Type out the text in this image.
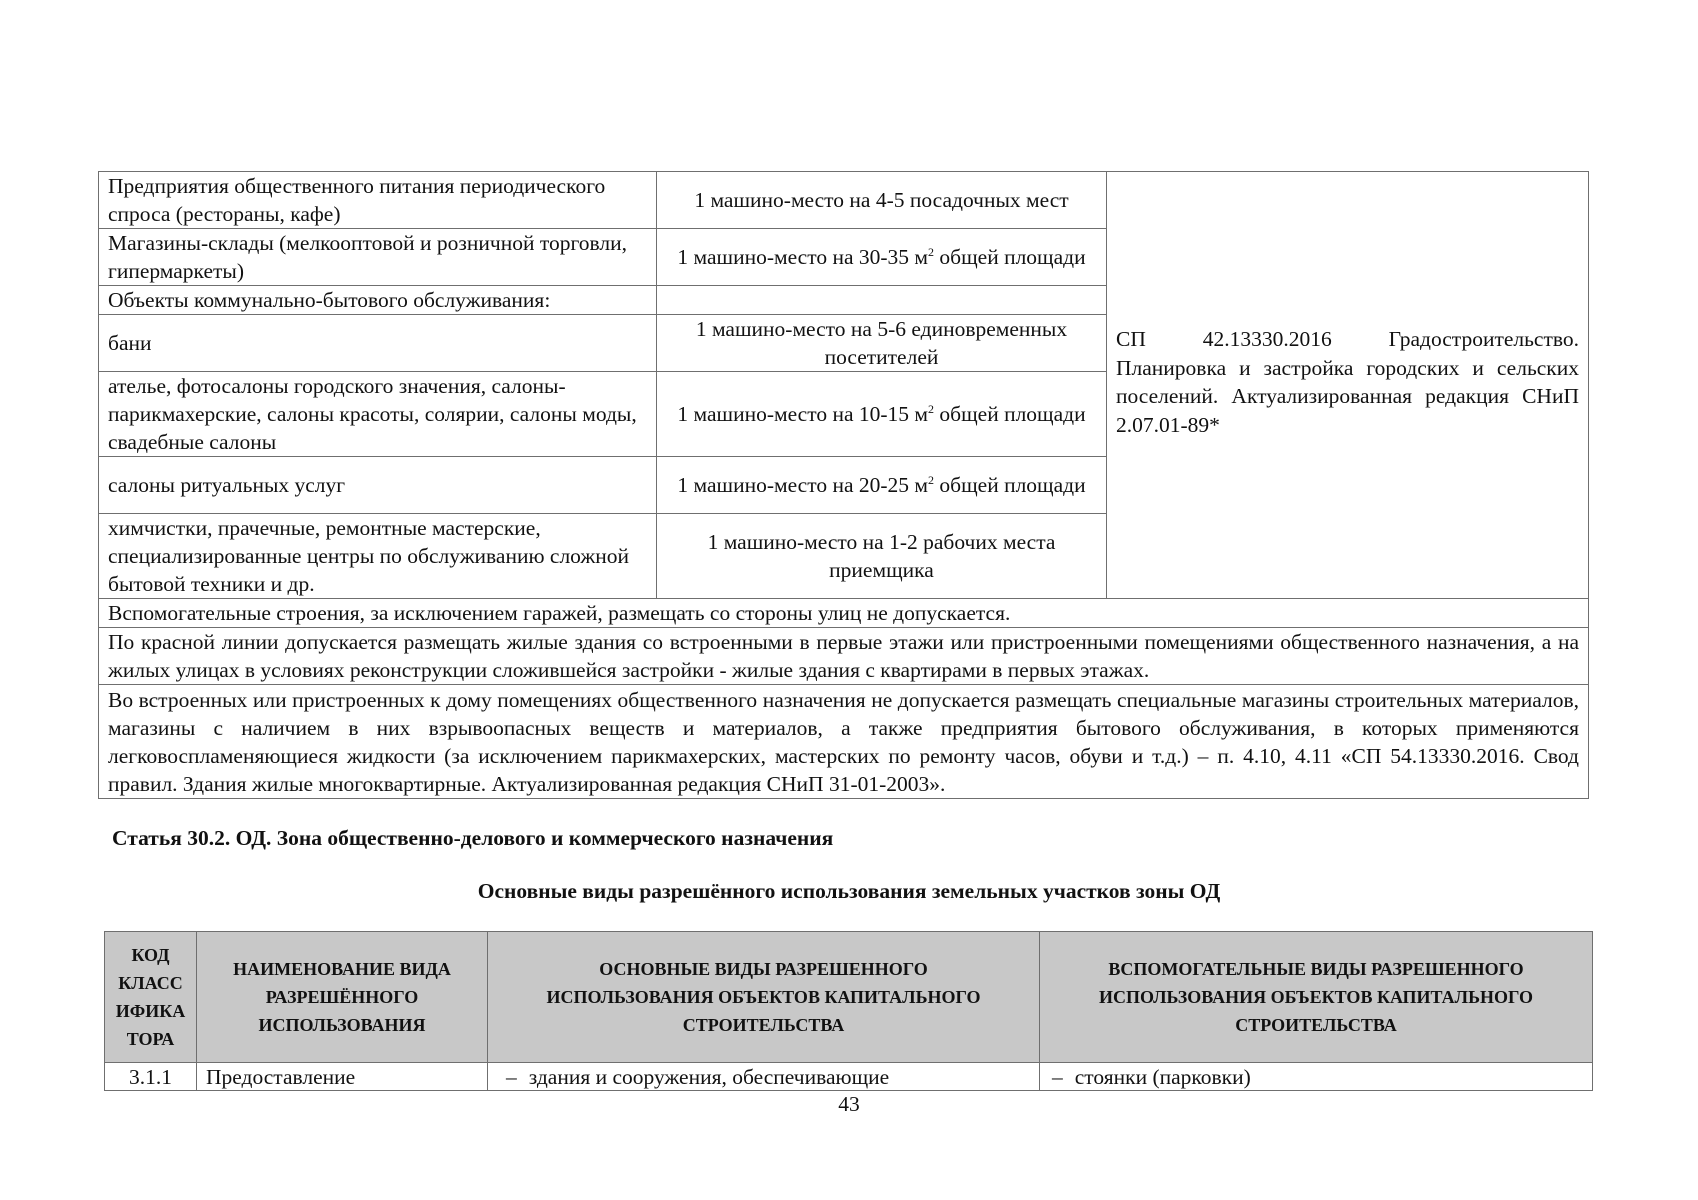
Предприятия общественного питания периодического спроса (рестораны, кафе)	1 машино-место на 4-5 посадочных мест	СП 42.13330.2016 Градостроительство. Планировка и застройка городских и сельских поселений. Актуализированная редакция СНиП 2.07.01-89*
Магазины-склады (мелкооптовой и розничной торговли, гипермаркеты)	1 машино-место на 30-35 $м^2$ общей площади	
Объекты коммунально-бытового обслуживания:		
бани	1 машино-место на 5-6 единовременных посетителей	
ателье, фотосалоны городского значения, салоны-парикмахерские, салоны красоты, солярии, салоны моды, свадебные салоны	1 машино-место на 10-15 $м^2$ общей площади	
салоны ритуальных услуг	1 машино-место на 20-25 $м^2$ общей площади	
химчистки, прачечные, ремонтные мастерские, специализированные центры по обслуживанию сложной бытовой техники и др.	1 машино-место на 1-2 рабочих места приемщика	
Вспомогательные строения, за исключением гаражей, размещать со стороны улиц не допускается.		
По красной линии допускается размещать жилые здания со встроенными в первые этажи или пристроенными помещениями общественного назначения, а на жилых улицах в условиях реконструкции сложившейся застройки - жилые здания с квартирами в первых этажах.		
Во встроенных или пристроенных к дому помещениях общественного назначения не допускается размещать специальные магазины строительных материалов, магазины с наличием в них взрывоопасных веществ и материалов, а также предприятия бытового обслуживания, в которых применяются легковоспламеняющиеся жидкости (за исключением парикмахерских, мастерских по ремонту часов, обуви и т.д.) – п. 4.10, 4.11 «СП 54.13330.2016. Свод правил. Здания жилые многоквартирные. Актуализированная редакция СНиП 31-01-2003».		
Статья 30.2. ОД. Зона общественно-делового и коммерческого назначения
Основные виды разрешённого использования земельных участков зоны ОД
КОД КЛАСС ИФИКА ТОРА	НАИМЕНОВАНИЕ ВИДА РАЗРЕШЁННОГО ИСПОЛЬЗОВАНИЯ	ОСНОВНЫЕ ВИДЫ РАЗРЕШЕННОГО ИСПОЛЬЗОВАНИЯ ОБЪЕКТОВ КАПИТАЛЬНОГО СТРОИТЕЛЬСТВА	ВСПОМОГАТЕЛЬНЫЕ ВИДЫ РАЗРЕШЕННОГО ИСПОЛЬЗОВАНИЯ ОБЪЕКТОВ КАПИТАЛЬНОГО СТРОИТЕЛЬСТВА
3.1.1	Предоставление	– здания и сооружения, обеспечивающие	– стоянки (парковки)
43
